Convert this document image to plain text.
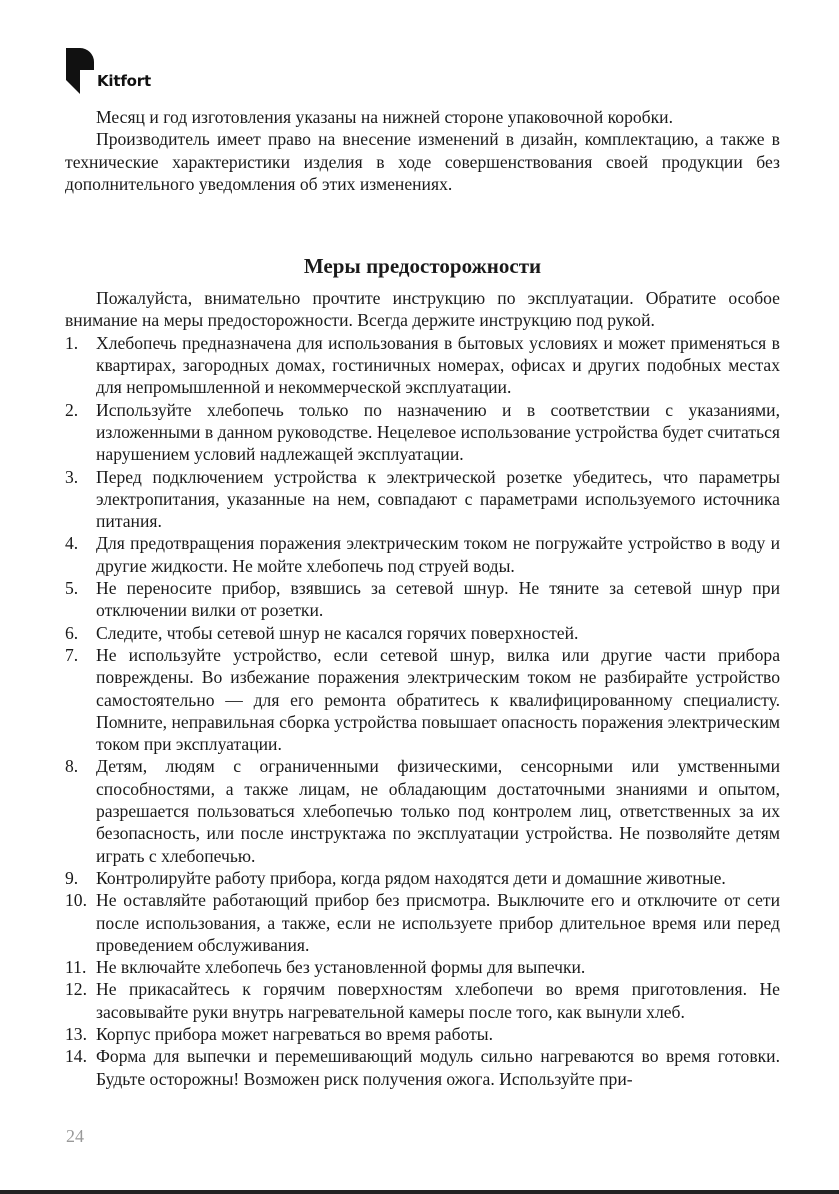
Kitfort

Месяц и год изготовления указаны на нижней стороне упаковочной коробки.

Производитель имеет право на внесение изменений в дизайн, комплектацию, а также в технические характеристики изделия в ходе совершенствования своей продукции без дополнительного уведомления об этих изменениях.

Меры предосторожности

Пожалуйста, внимательно прочтите инструкцию по эксплуатации. Обратите особое внимание на меры предосторожности. Всегда держите инструкцию под рукой.

1. Хлебопечь предназначена для использования в бытовых условиях и может применяться в квартирах, загородных домах, гостиничных номерах, офисах и других подобных местах для непромышленной и некоммерческой эксплуатации.
2. Используйте хлебопечь только по назначению и в соответствии с указаниями, изложенными в данном руководстве. Нецелевое использование устройства будет считаться нарушением условий надлежащей эксплуатации.
3. Перед подключением устройства к электрической розетке убедитесь, что параметры электропитания, указанные на нем, совпадают с параметрами используемого источника питания.
4. Для предотвращения поражения электрическим током не погружайте устройство в воду и другие жидкости. Не мойте хлебопечь под струей воды.
5. Не переносите прибор, взявшись за сетевой шнур. Не тяните за сетевой шнур при отключении вилки от розетки.
6. Следите, чтобы сетевой шнур не касался горячих поверхностей.
7. Не используйте устройство, если сетевой шнур, вилка или другие части прибора повреждены. Во избежание поражения электрическим током не разбирайте устройство самостоятельно — для его ремонта обратитесь к квалифицированному специалисту. Помните, неправильная сборка устройства повышает опасность поражения электрическим током при эксплуатации.
8. Детям, людям с ограниченными физическими, сенсорными или умственными способностями, а также лицам, не обладающим достаточными знаниями и опытом, разрешается пользоваться хлебопечью только под контролем лиц, ответственных за их безопасность, или после инструктажа по эксплуатации устройства. Не позволяйте детям играть с хлебопечью.
9. Контролируйте работу прибора, когда рядом находятся дети и домашние животные.
10. Не оставляйте работающий прибор без присмотра. Выключите его и отключите от сети после использования, а также, если не используете прибор длительное время или перед проведением обслуживания.
11. Не включайте хлебопечь без установленной формы для выпечки.
12. Не прикасайтесь к горячим поверхностям хлебопечи во время приготовления. Не засовывайте руки внутрь нагревательной камеры после того, как вынули хлеб.
13. Корпус прибора может нагреваться во время работы.
14. Форма для выпечки и перемешивающий модуль сильно нагреваются во время готовки. Будьте осторожны! Возможен риск получения ожога. Используйте при-
24
